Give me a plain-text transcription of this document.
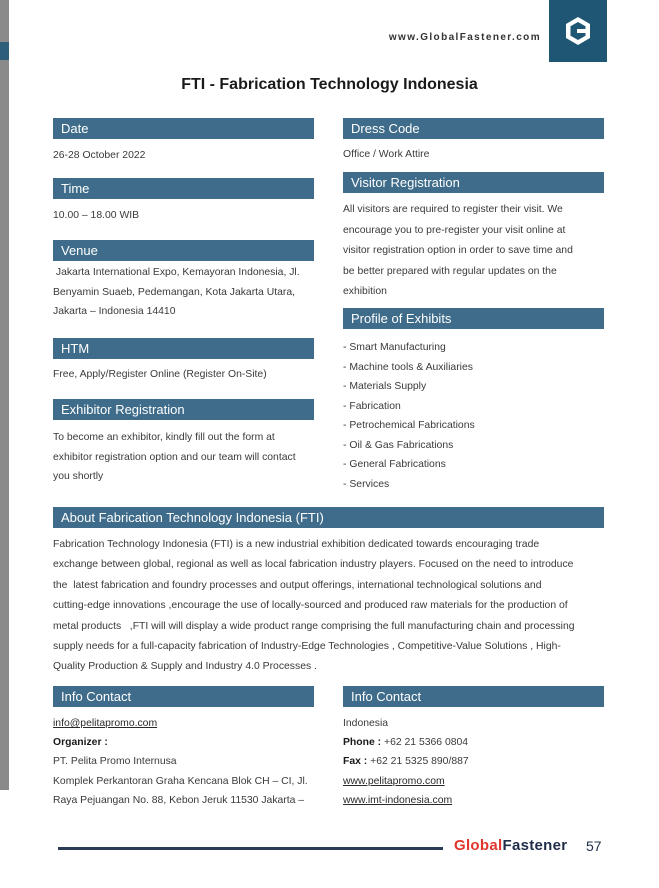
www.GlobalFastener.com
FTI - Fabrication Technology Indonesia
Date
26-28 October 2022
Time
10.00 – 18.00 WIB
Venue
Jakarta International Expo, Kemayoran Indonesia, Jl.
Benyamin Suaeb, Pedemangan, Kota Jakarta Utara,
Jakarta – Indonesia 14410
HTM
Free, Apply/Register Online (Register On-Site)
Exhibitor Registration
To become an exhibitor, kindly fill out the form at
exhibitor registration option and our team will contact
you shortly
Dress Code
Ofﬁce / Work Attire
Visitor Registration
All visitors are required to register their visit. We
encourage you to pre-register your visit online at
visitor registration option in order to save time and
be better prepared with regular updates on the
exhibition
Profile of Exhibits
- Smart Manufacturing
- Machine tools & Auxiliaries
- Materials Supply
- Fabrication
- Petrochemical Fabrications
- Oil & Gas Fabrications
- General Fabrications
- Services
About Fabrication Technology Indonesia (FTI)
Fabrication Technology Indonesia (FTI) is a new industrial exhibition dedicated towards encouraging trade
exchange between global, regional as well as local fabrication industry players. Focused on the need to introduce
the  latest fabrication and foundry processes and output offerings, international technological solutions and
cutting-edge innovations ,encourage the use of locally-sourced and produced raw materials for the production of
metal products   ,FTI will will display a wide product range comprising the full manufacturing chain and processing
supply needs for a full-capacity fabrication of Industry-Edge Technologies , Competitive-Value Solutions , High-
Quality Production & Supply and Industry 4.0 Processes .
Info Contact
info@pelitapromo.com
Organizer :
PT. Pelita Promo Internusa
Komplek Perkantoran Graha Kencana Blok CH – CI, Jl.
Raya Pejuangan No. 88, Kebon Jeruk 11530 Jakarta –
Info Contact
Indonesia
Phone : +62 21 5366 0804
Fax : +62 21 5325 890/887
www.pelitapromo.com
www.imt-indonesia.com
GlobalFastener 57
